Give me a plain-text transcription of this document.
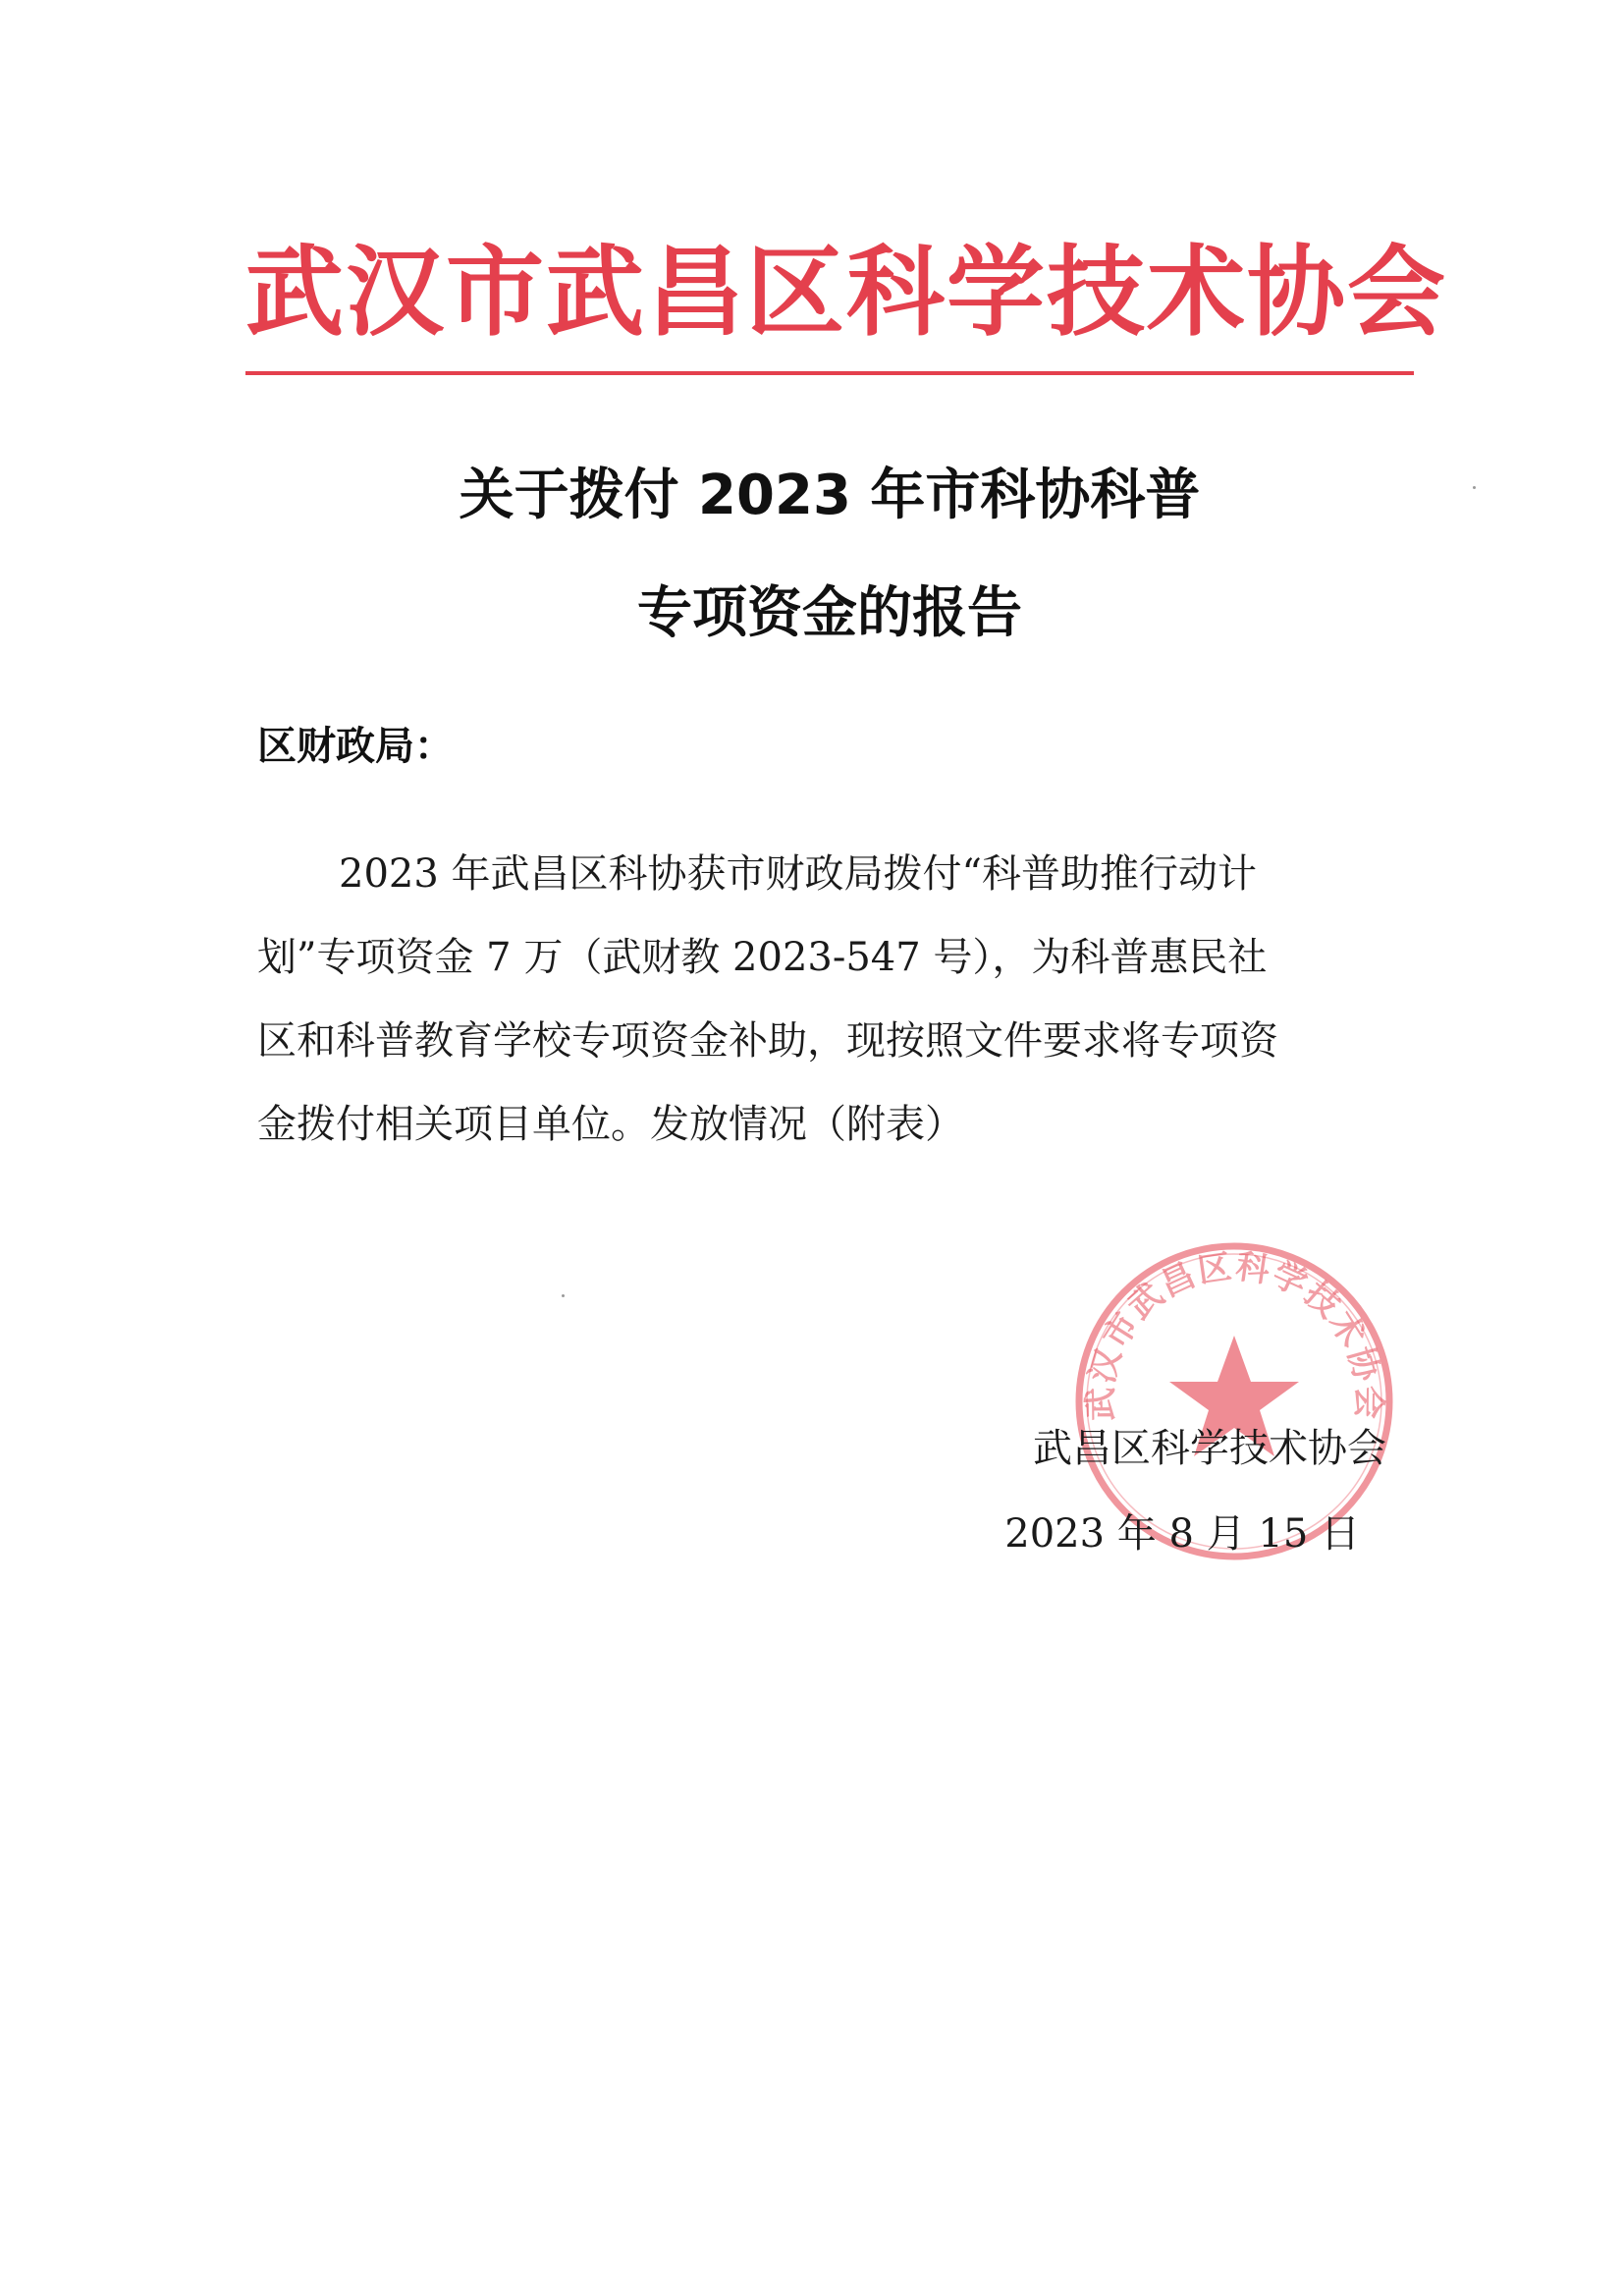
武汉市武昌区科学技术协会
关于拨付 2023 年市科协科普
专项资金的报告
区财政局：
2023 年武昌区科协获市财政局拨付“科普助推行动计
划”专项资金 7 万（武财教 2023-547 号），为科普惠民社
区和科普教育学校专项资金补助，现按照文件要求将专项资
金拨付相关项目单位。发放情况（附表）
武汉市武昌区科学技术协会
武昌区科学技术协会
2023 年 8 月 15 日
